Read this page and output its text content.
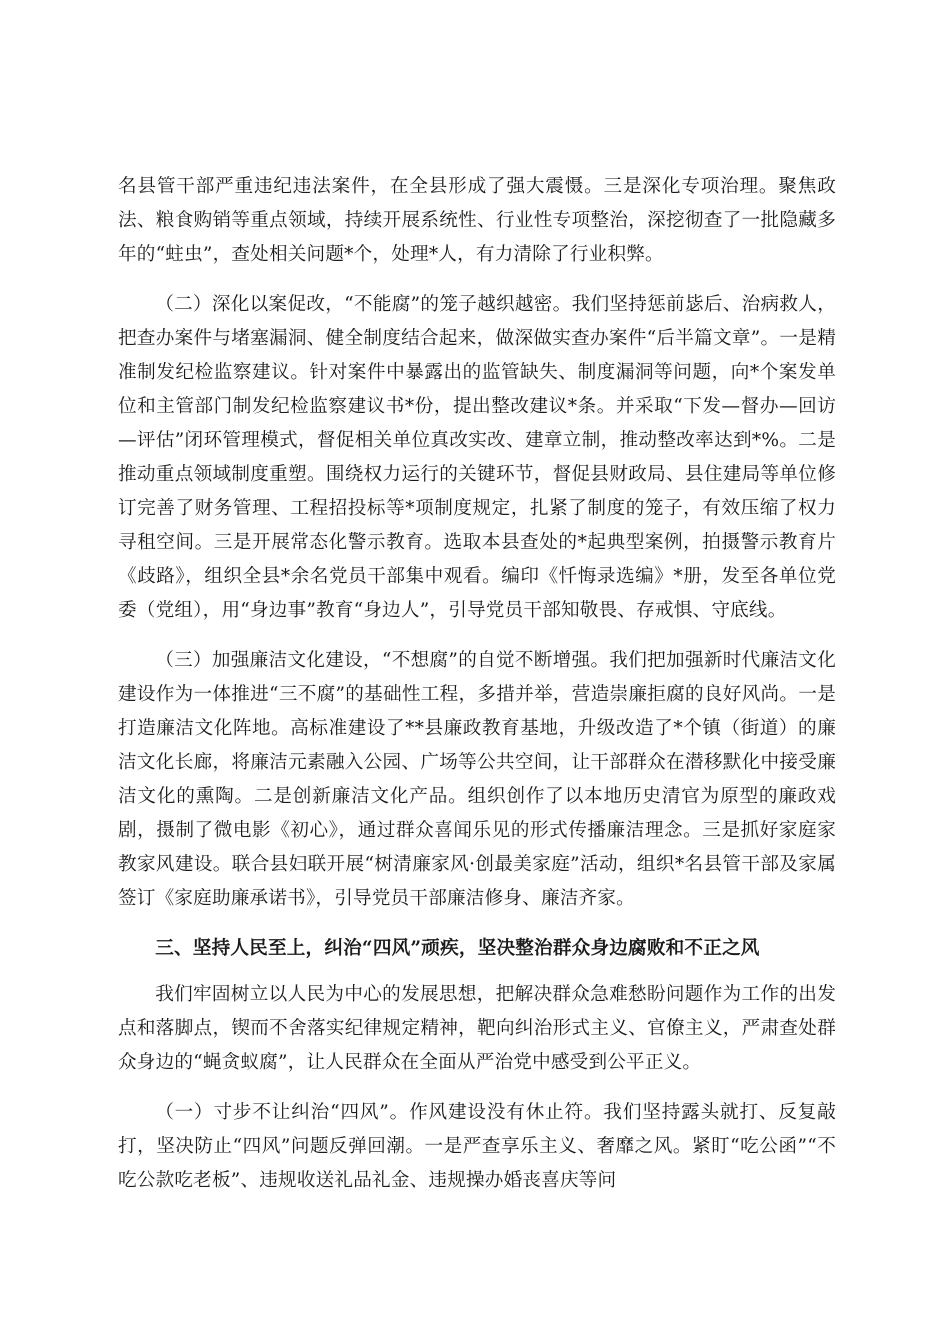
名县管干部严重违纪违法案件，在全县形成了强大震慑。三是深化专项治理。聚焦政法、粮食购销等重点领域，持续开展系统性、行业性专项整治，深挖彻查了一批隐藏多年的“蛀虫”，查处相关问题*个，处理*人，有力清除了行业积弊。

（二）深化以案促改，“不能腐”的笼子越织越密。我们坚持惩前毖后、治病救人，把查办案件与堵塞漏洞、健全制度结合起来，做深做实查办案件“后半篇文章”。一是精准制发纪检监察建议。针对案件中暴露出的监管缺失、制度漏洞等问题，向*个案发单位和主管部门制发纪检监察建议书*份，提出整改建议*条。并采取“下发—督办—回访—评估”闭环管理模式，督促相关单位真改实改、建章立制，推动整改率达到*%。二是推动重点领域制度重塑。围绕权力运行的关键环节，督促县财政局、县住建局等单位修订完善了财务管理、工程招投标等*项制度规定，扎紧了制度的笼子，有效压缩了权力寻租空间。三是开展常态化警示教育。选取本县查处的*起典型案例，拍摄警示教育片《歧路》，组织全县*余名党员干部集中观看。编印《忏悔录选编》*册，发至各单位党委（党组），用“身边事”教育“身边人”，引导党员干部知敬畏、存戒惧、守底线。

（三）加强廉洁文化建设，“不想腐”的自觉不断增强。我们把加强新时代廉洁文化建设作为一体推进“三不腐”的基础性工程，多措并举，营造崇廉拒腐的良好风尚。一是打造廉洁文化阵地。高标准建设了**县廉政教育基地，升级改造了*个镇（街道）的廉洁文化长廊，将廉洁元素融入公园、广场等公共空间，让干部群众在潜移默化中接受廉洁文化的熏陶。二是创新廉洁文化产品。组织创作了以本地历史清官为原型的廉政戏剧，摄制了微电影《初心》，通过群众喜闻乐见的形式传播廉洁理念。三是抓好家庭家教家风建设。联合县妇联开展“树清廉家风·创最美家庭”活动，组织*名县管干部及家属签订《家庭助廉承诺书》，引导党员干部廉洁修身、廉洁齐家。

三、坚持人民至上，纠治“四风”顽疾，坚决整治群众身边腐败和不正之风

我们牢固树立以人民为中心的发展思想，把解决群众急难愁盼问题作为工作的出发点和落脚点，锲而不舍落实纪律规定精神，靶向纠治形式主义、官僚主义，严肃查处群众身边的“蝇贪蚁腐”，让人民群众在全面从严治党中感受到公平正义。

（一）寸步不让纠治“四风”。作风建设没有休止符。我们坚持露头就打、反复敲打，坚决防止“四风”问题反弹回潮。一是严查享乐主义、奢靡之风。紧盯“吃公函”“不吃公款吃老板”、违规收送礼品礼金、违规操办婚丧喜庆等问
